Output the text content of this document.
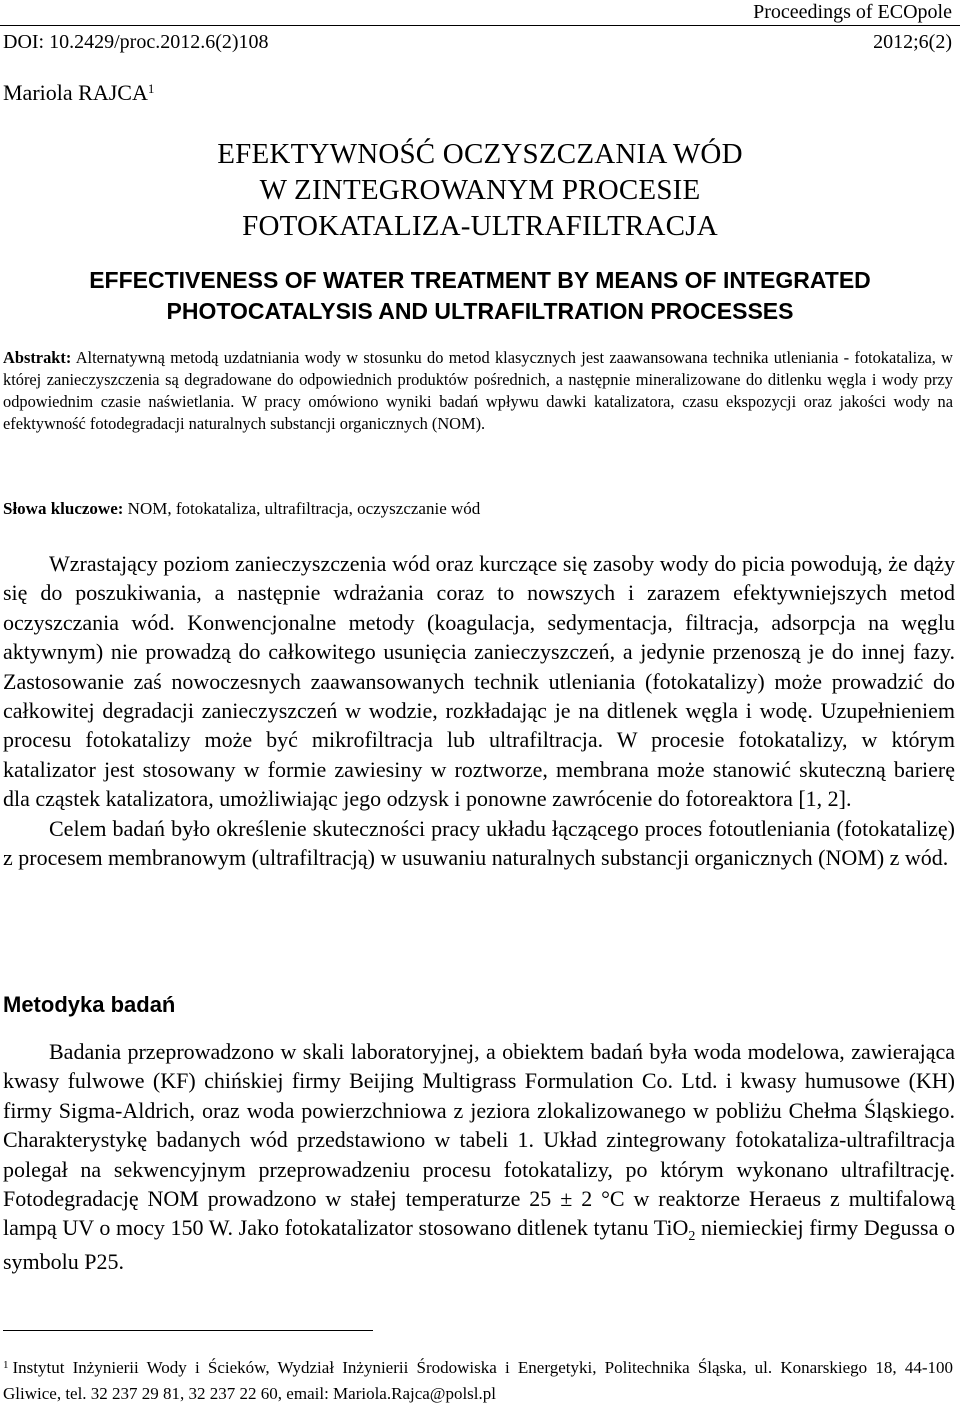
Proceedings of ECOpole
DOI: 10.2429/proc.2012.6(2)108	2012;6(2)
Mariola RAJCA$^1$
EFEKTYWNOŚĆ OCZYSZCZANIA WÓD
W ZINTEGROWANYM PROCESIE
FOTOKATALIZA-ULTRAFILTRACJA
EFFECTIVENESS OF WATER TREATMENT BY MEANS OF INTEGRATED
PHOTOCATALYSIS AND ULTRAFILTRATION PROCESSES
Abstrakt: Alternatywną metodą uzdatniania wody w stosunku do metod klasycznych jest zaawansowana technika utleniania - fotokataliza, w której zanieczyszczenia są degradowane do odpowiednich produktów pośrednich, a następnie mineralizowane do ditlenku węgla i wody przy odpowiednim czasie naświetlania. W pracy omówiono wyniki badań wpływu dawki katalizatora, czasu ekspozycji oraz jakości wody na efektywność fotodegradacji naturalnych substancji organicznych (NOM).
Słowa kluczowe: NOM, fotokataliza, ultrafiltracja, oczyszczanie wód

Wzrastający poziom zanieczyszczenia wód oraz kurczące się zasoby wody do picia powodują, że dąży się do poszukiwania, a następnie wdrażania coraz to nowszych i zarazem efektywniejszych metod oczyszczania wód. Konwencjonalne metody (koagulacja, sedymentacja, filtracja, adsorpcja na węglu aktywnym) nie prowadzą do całkowitego usunięcia zanieczyszczeń, a jedynie przenoszą je do innej fazy. Zastosowanie zaś nowoczesnych zaawansowanych technik utleniania (fotokatalizy) może prowadzić do całkowitej degradacji zanieczyszczeń w wodzie, rozkładając je na ditlenek węgla i wodę. Uzupełnieniem procesu fotokatalizy może być mikrofiltracja lub ultrafiltracja. W procesie fotokatalizy, w którym katalizator jest stosowany w formie zawiesiny w roztworze, membrana może stanowić skuteczną barierę dla cząstek katalizatora, umożliwiając jego odzysk i ponowne zawrócenie do fotoreaktora [1, 2].

Celem badań było określenie skuteczności pracy układu łączącego proces fotoutleniania (fotokatalizę) z procesem membranowym (ultrafiltracją) w usuwaniu naturalnych substancji organicznych (NOM) z wód.

Metodyka badań

Badania przeprowadzono w skali laboratoryjnej, a obiektem badań była woda modelowa, zawierająca kwasy fulwowe (KF) chińskiej firmy Beijing Multigrass Formulation Co. Ltd. i kwasy humusowe (KH) firmy Sigma-Aldrich, oraz woda powierzchniowa z jeziora zlokalizowanego w pobliżu Chełma Śląskiego. Charakterystykę badanych wód przedstawiono w tabeli 1. Układ zintegrowany fotokataliza-ultrafiltracja polegał na sekwencyjnym przeprowadzeniu procesu fotokatalizy, po którym wykonano ultrafiltrację. Fotodegradację NOM prowadzono w stałej temperaturze 25 ± 2 °C w reaktorze Heraeus z multifalową lampą UV o mocy 150 W. Jako fotokatalizator stosowano ditlenek tytanu TiO$_2$ niemieckiej firmy Degussa o symbolu P25.

$^1$ Instytut Inżynierii Wody i Ścieków, Wydział Inżynierii Środowiska i Energetyki, Politechnika Śląska, ul. Konarskiego 18, 44-100 Gliwice, tel. 32 237 29 81, 32 237 22 60, email: Mariola.Rajca@polsl.pl
